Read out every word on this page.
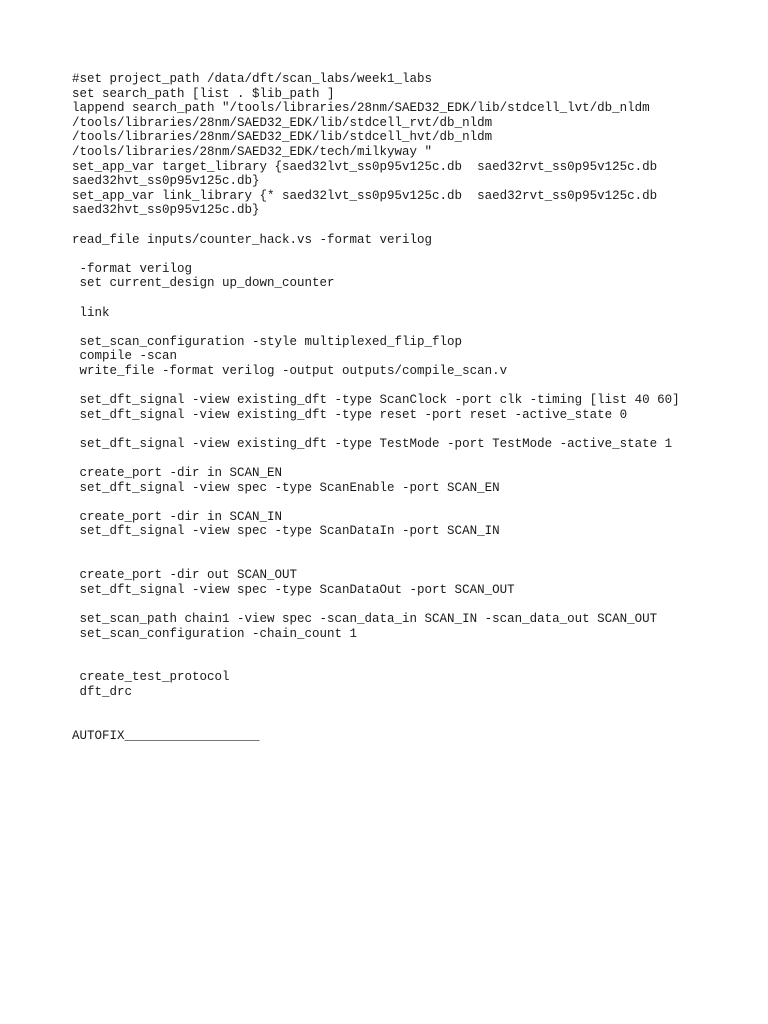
#set project_path /data/dft/scan_labs/week1_labs
set search_path [list . $lib_path ]
lappend search_path "/tools/libraries/28nm/SAED32_EDK/lib/stdcell_lvt/db_nldm
/tools/libraries/28nm/SAED32_EDK/lib/stdcell_rvt/db_nldm
/tools/libraries/28nm/SAED32_EDK/lib/stdcell_hvt/db_nldm
/tools/libraries/28nm/SAED32_EDK/tech/milkyway "
set_app_var target_library {saed32lvt_ss0p95v125c.db  saed32rvt_ss0p95v125c.db
saed32hvt_ss0p95v125c.db}
set_app_var link_library {* saed32lvt_ss0p95v125c.db  saed32rvt_ss0p95v125c.db
saed32hvt_ss0p95v125c.db}
read_file inputs/counter_hack.vs -format verilog
-format verilog
set current_design up_down_counter
link
set_scan_configuration -style multiplexed_flip_flop
compile -scan
write_file -format verilog -output outputs/compile_scan.v
set_dft_signal -view existing_dft -type ScanClock -port clk -timing [list 40 60]
set_dft_signal -view existing_dft -type reset -port reset -active_state 0
set_dft_signal -view existing_dft -type TestMode -port TestMode -active_state 1
create_port -dir in SCAN_EN
set_dft_signal -view spec -type ScanEnable -port SCAN_EN
create_port -dir in SCAN_IN
set_dft_signal -view spec -type ScanDataIn -port SCAN_IN
create_port -dir out SCAN_OUT
set_dft_signal -view spec -type ScanDataOut -port SCAN_OUT
set_scan_path chain1 -view spec -scan_data_in SCAN_IN -scan_data_out SCAN_OUT
set_scan_configuration -chain_count 1
create_test_protocol
dft_drc
AUTOFIX__________________
